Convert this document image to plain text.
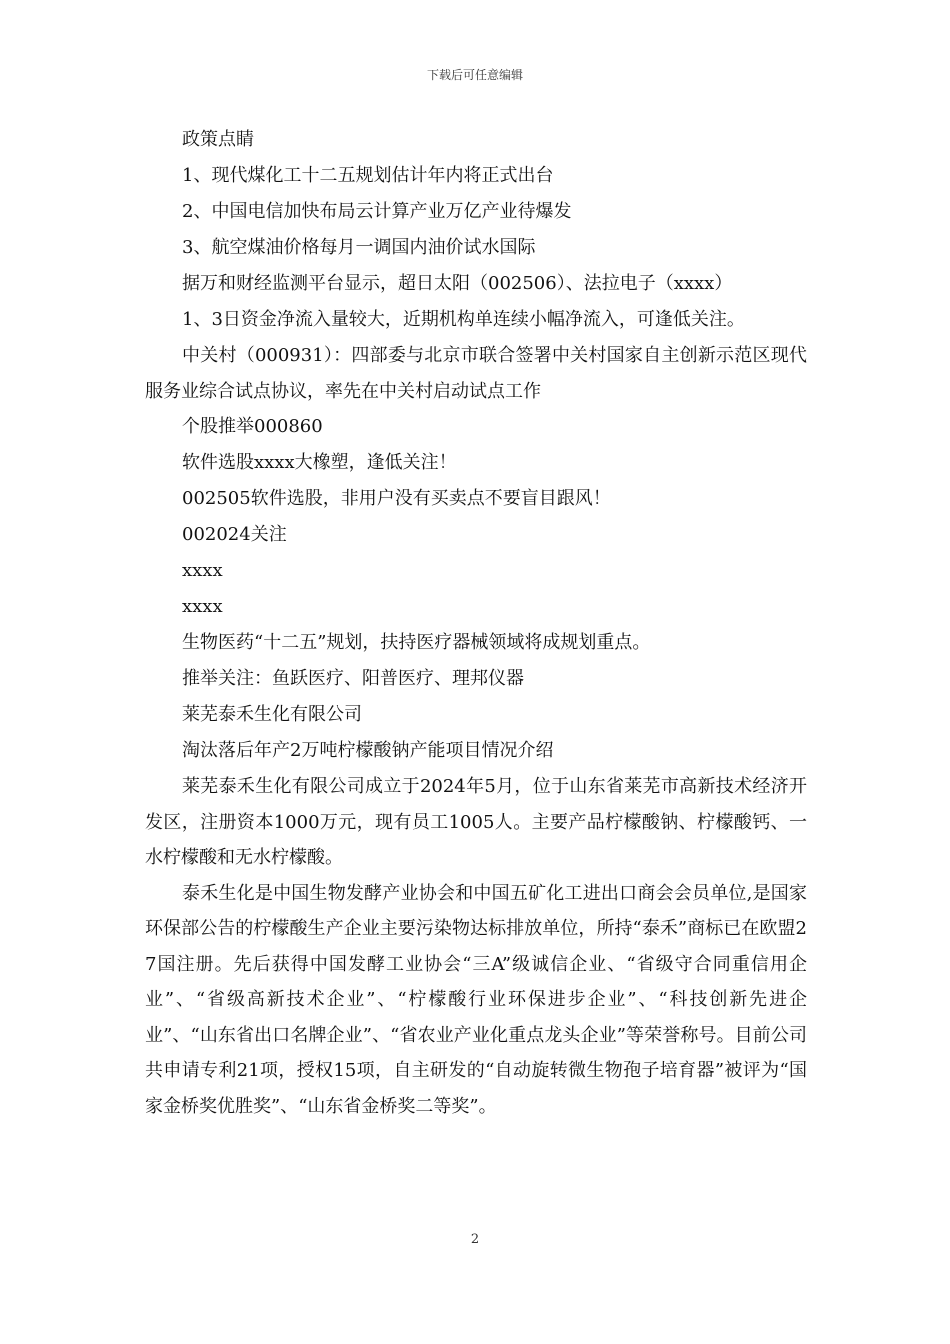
下载后可任意编辑
政策点睛
1、现代煤化工十二五规划估计年内将正式出台
2、中国电信加快布局云计算产业万亿产业待爆发
3、航空煤油价格每月一调国内油价试水国际
据万和财经监测平台显示，超日太阳（002506）、法拉电子（xxxx）
1、3日资金净流入量较大，近期机构单连续小幅净流入，可逢低关注。

中关村（000931）：四部委与北京市联合签署中关村国家自主创新示范区现代服务业综合试点协议，率先在中关村启动试点工作

个股推举000860
软件选股xxxx大橡塑，逢低关注！
002505软件选股，非用户没有买卖点不要盲目跟风！
002024关注
xxxx
xxxx
生物医药“十二五”规划，扶持医疗器械领域将成规划重点。
推举关注：鱼跃医疗、阳普医疗、理邦仪器
莱芜泰禾生化有限公司
淘汰落后年产2万吨柠檬酸钠产能项目情况介绍

莱芜泰禾生化有限公司成立于2024年5月，位于山东省莱芜市高新技术经济开发区，注册资本1000万元，现有员工1005人。主要产品柠檬酸钠、柠檬酸钙、一水柠檬酸和无水柠檬酸。

泰禾生化是中国生物发酵产业协会和中国五矿化工进出口商会会员单位,是国家环保部公告的柠檬酸生产企业主要污染物达标排放单位，所持“泰禾”商标已在欧盟27国注册。先后获得中国发酵工业协会“三A”级诚信企业、“省级守合同重信用企业”、“省级高新技术企业”、“柠檬酸行业环保进步企业”、“科技创新先进企业”、“山东省出口名牌企业”、“省农业产业化重点龙头企业”等荣誉称号。目前公司共申请专利21项，授权15项，自主研发的“自动旋转微生物孢子培育器”被评为“国家金桥奖优胜奖”、“山东省金桥奖二等奖”。

2
